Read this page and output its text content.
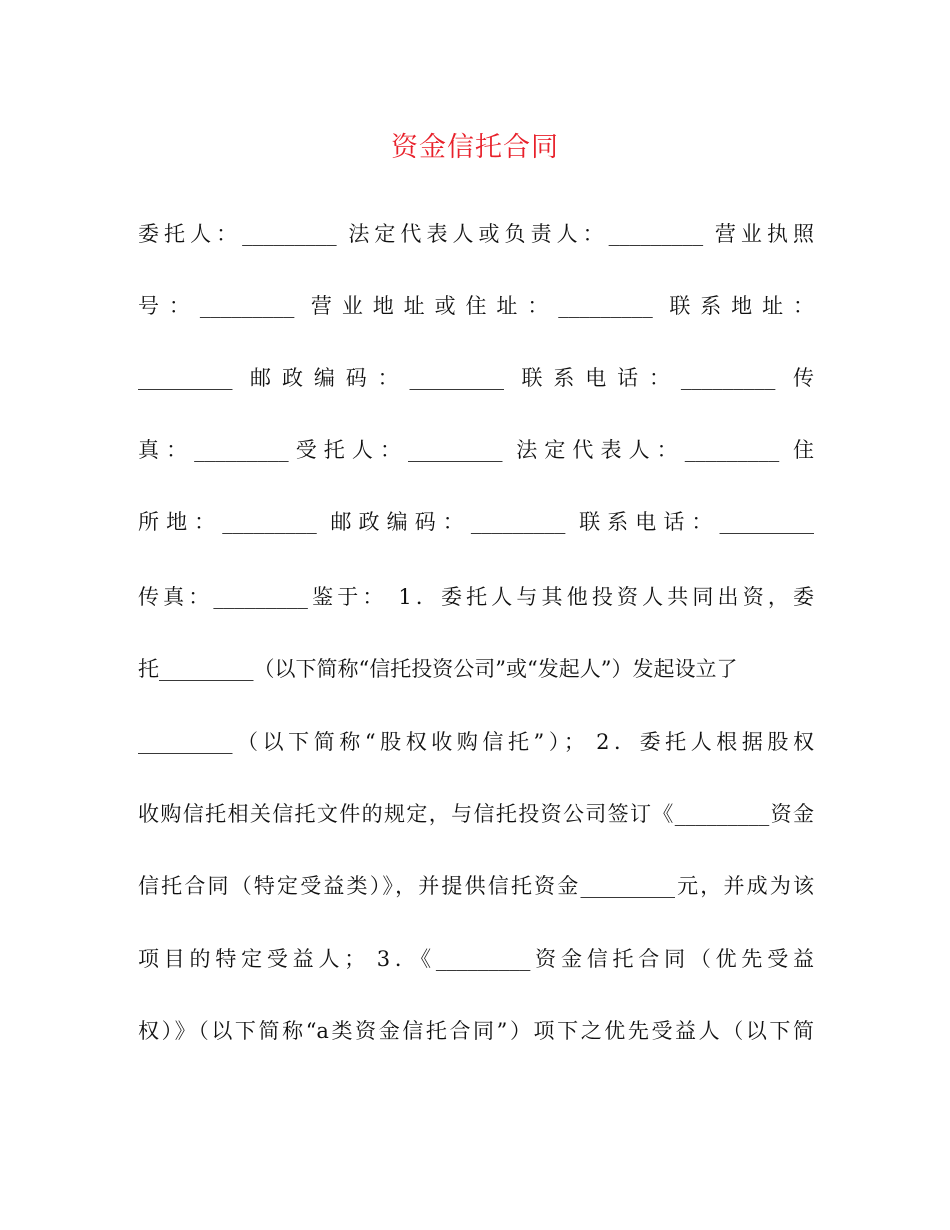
资金信托合同
委托人：_________ 法定代表人或负责人：_________ 营业执照
号：_________ 营业地址或住址：_________ 联系地址：
_________ 邮政编码：_________ 联系电话：_________ 传
真：_________受托人：_________ 法定代表人：_________ 住
所地：_________ 邮政编码：_________ 联系电话：_________
传真：_________鉴于： 1．委托人与其他投资人共同出资，委
托_________（以下简称“信托投资公司”或“发起人”）发起设立了
_________（以下简称“股权收购信托”）； 2．委托人根据股权
收购信托相关信托文件的规定，与信托投资公司签订《_________资金
信托合同（特定受益类）》，并提供信托资金_________元，并成为该
项目的特定受益人； 3．《_________资金信托合同（优先受益
权）》（以下简称“a类资金信托合同”）项下之优先受益人（以下简
